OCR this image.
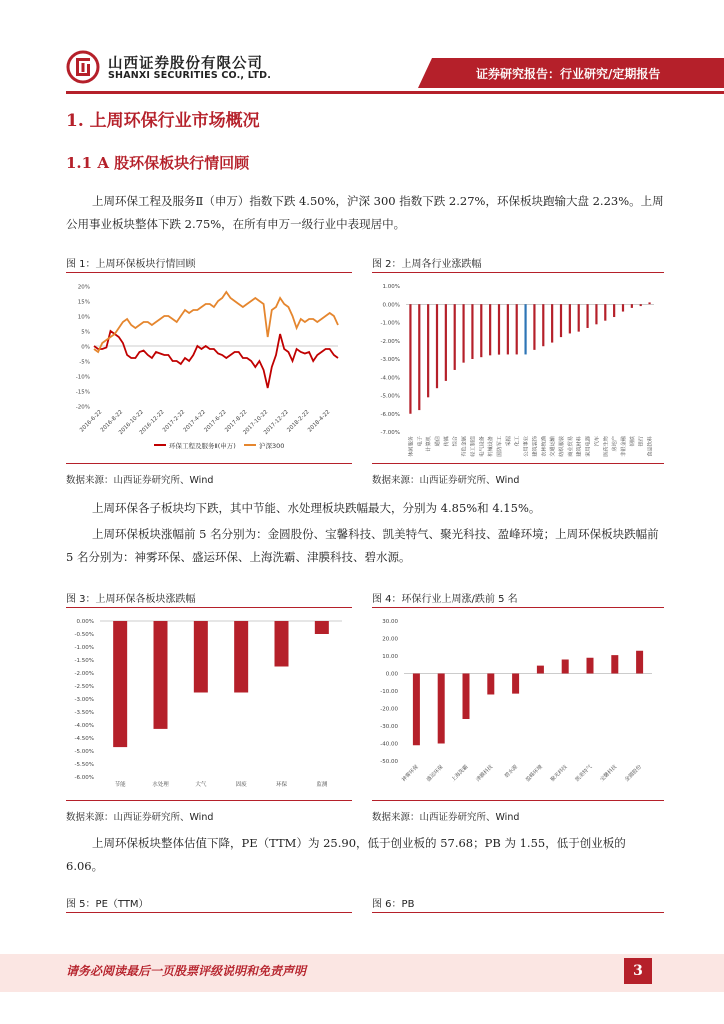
山西证券股份有限公司
SHANXI SECURITIES CO., LTD.	证券研究报告：行业研究/定期报告
1. 上周环保行业市场概况
1.1 A 股环保板块行情回顾
上周环保工程及服务Ⅱ（申万）指数下跌 4.50%，沪深 300 指数下跌 2.27%，环保板块跑输大盘 2.23%。上周公用事业板块整体下跌 2.75%，在所有申万一级行业中表现居中。
图 1：上周环保板块行情回顾	图 2：上周各行业涨跌幅
20%
15%
10%
5%
0%
-5%
-10%
-15%
-20%
2016-6-22
2016-8-22
2016-10-22
2016-12-22
2017-2-22
2017-4-22
2017-6-22
2017-8-22
2017-10-22
2017-12-22
2018-2-22
2018-4-22
环保工程及服务Ⅱ(申万)	沪深300
1.00%
0.00%
-1.00%
-2.00%
-3.00%
-4.00%
-5.00%
-6.00%
-7.00%
休闲服务 电子 计算机 通信 传媒 综合 有色金属 轻工制造 电气设备 机械设备 国防军工 采掘 化工 公用事业 建筑装饰 农林牧渔 交通运输 纺织服装 商业贸易 建筑材料 家用电器 汽车 医药生物 房地产 非银金融 钢铁 银行 食品饮料
数据来源：山西证券研究所、Wind	数据来源：山西证券研究所、Wind
上周环保各子板块均下跌，其中节能、水处理板块跌幅最大，分别为 4.85%和 4.15%。
上周环保板块涨幅前 5 名分别为：金圆股份、宝馨科技、凯美特气、聚光科技、盈峰环境；上周环保板块跌幅前 5 名分别为：神雾环保、盛运环保、上海洗霸、津膜科技、碧水源。
图 3：上周环保各板块涨跌幅	图 4：环保行业上周涨/跌前 5 名
0.00%
-0.50%
-1.00%
-1.50%
-2.00%
-2.50%
-3.00%
-3.50%
-4.00%
-4.50%
-5.00%
-5.50%
-6.00%
节能	水处理	大气	固废	环保	监测
30.00
20.00
10.00
0.00
-10.00
-20.00
-30.00
-40.00
-50.00
神雾环保 盛运环保 上海洗霸 津膜科技 碧水源 盈峰环境 聚光科技 凯美特气 宝馨科技 金圆股份
数据来源：山西证券研究所、Wind	数据来源：山西证券研究所、Wind
上周环保板块整体估值下降，PE（TTM）为 25.90，低于创业板的 57.68；PB 为 1.55，低于创业板的 6.06。
图 5：PE（TTM）	图 6：PB
请务必阅读最后一页股票评级说明和免责声明	3
